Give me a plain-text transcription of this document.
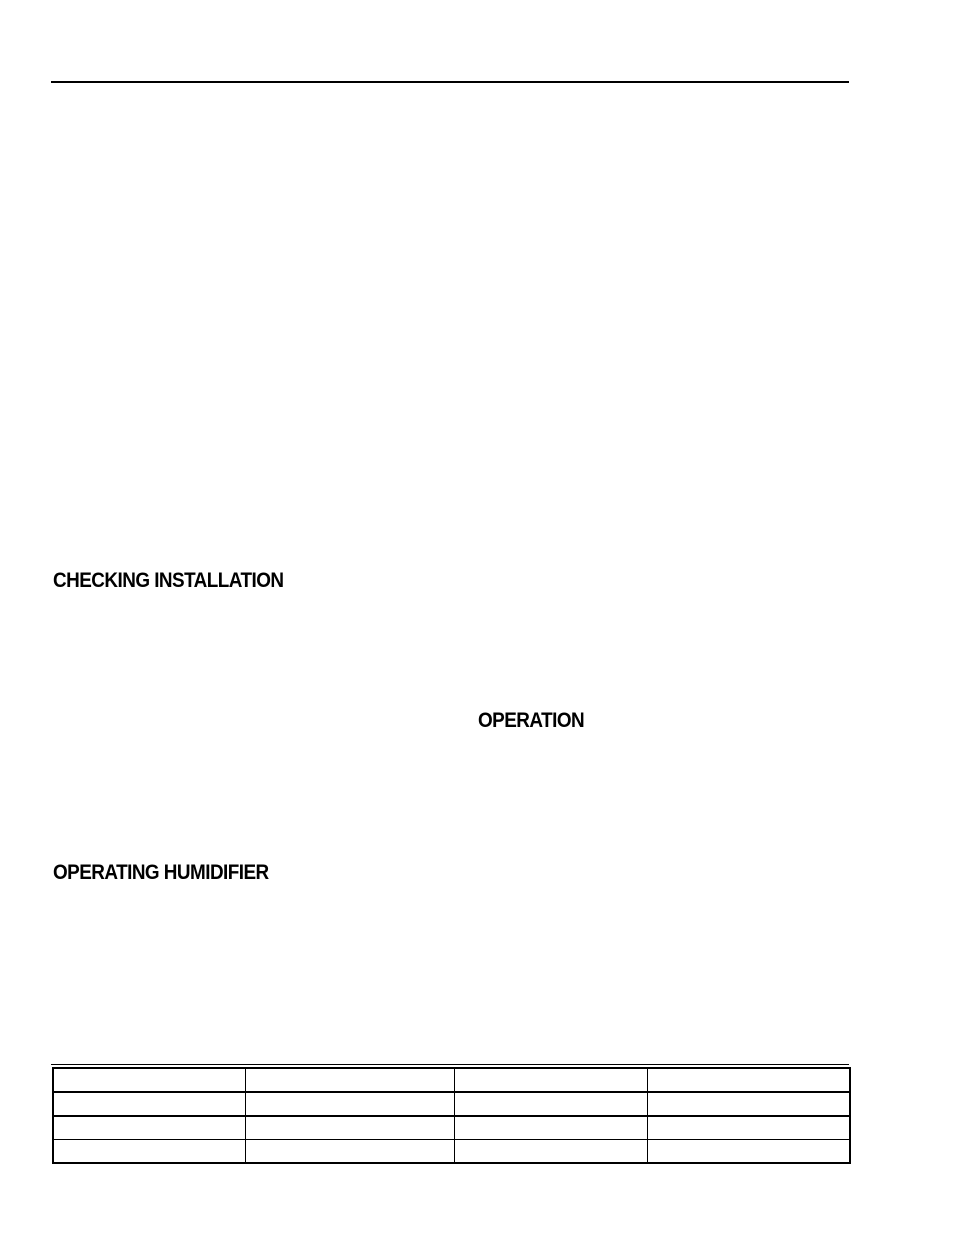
CHECKING INSTALLATION
OPERATION
OPERATING HUMIDIFIER
